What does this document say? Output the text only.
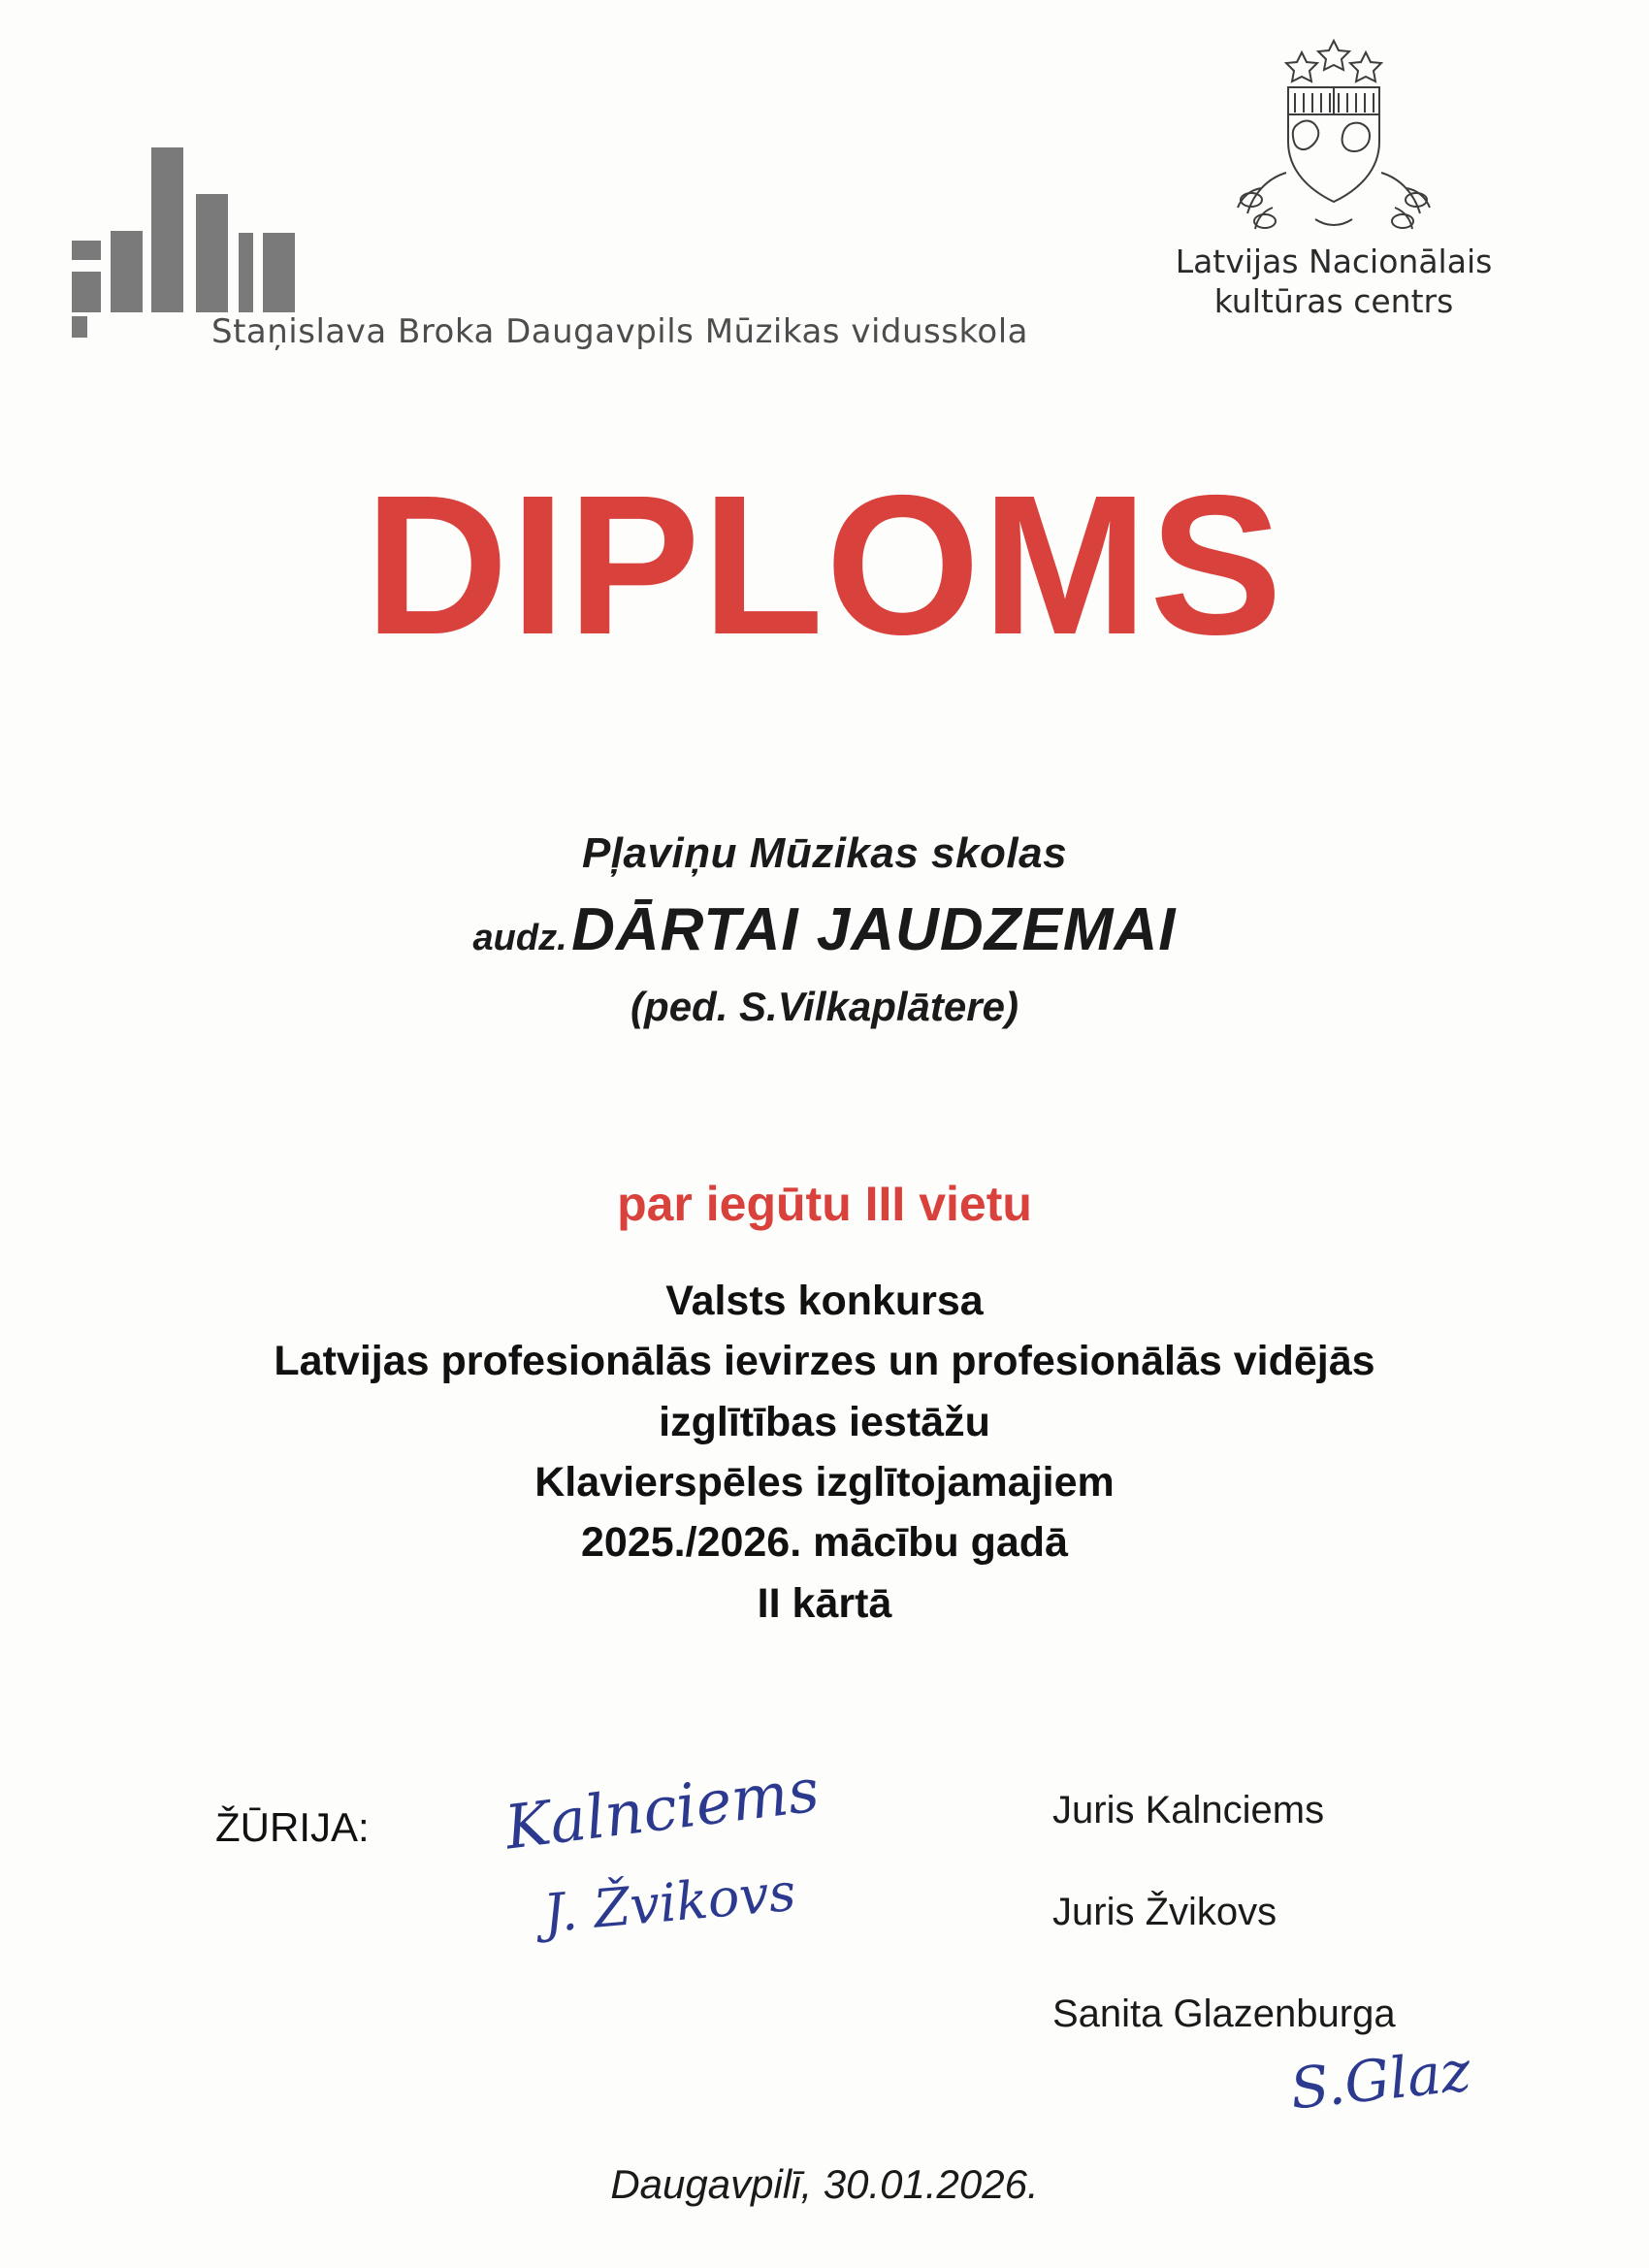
Staņislava Broka Daugavpils Mūzikas vidusskola
Latvijas Nacionālais
kultūras centrs
DIPLOMS
Pļaviņu Mūzikas skolas
audz. DĀRTAI JAUDZEMAI
(ped. S.Vilkaplātere)
par iegūtu III vietu
Valsts konkursa
Latvijas profesionālās ievirzes un profesionālās vidējās
izglītības iestāžu
Klavierspēles izglītojamajiem
2025./2026. mācību gadā
II kārtā
ŽŪRIJA: Kalnciems
J. Žvikovs
S.Glaz
Juris Kalnciems
Juris Žvikovs
Sanita Glazenburga
Daugavpilī, 30.01.2026.
